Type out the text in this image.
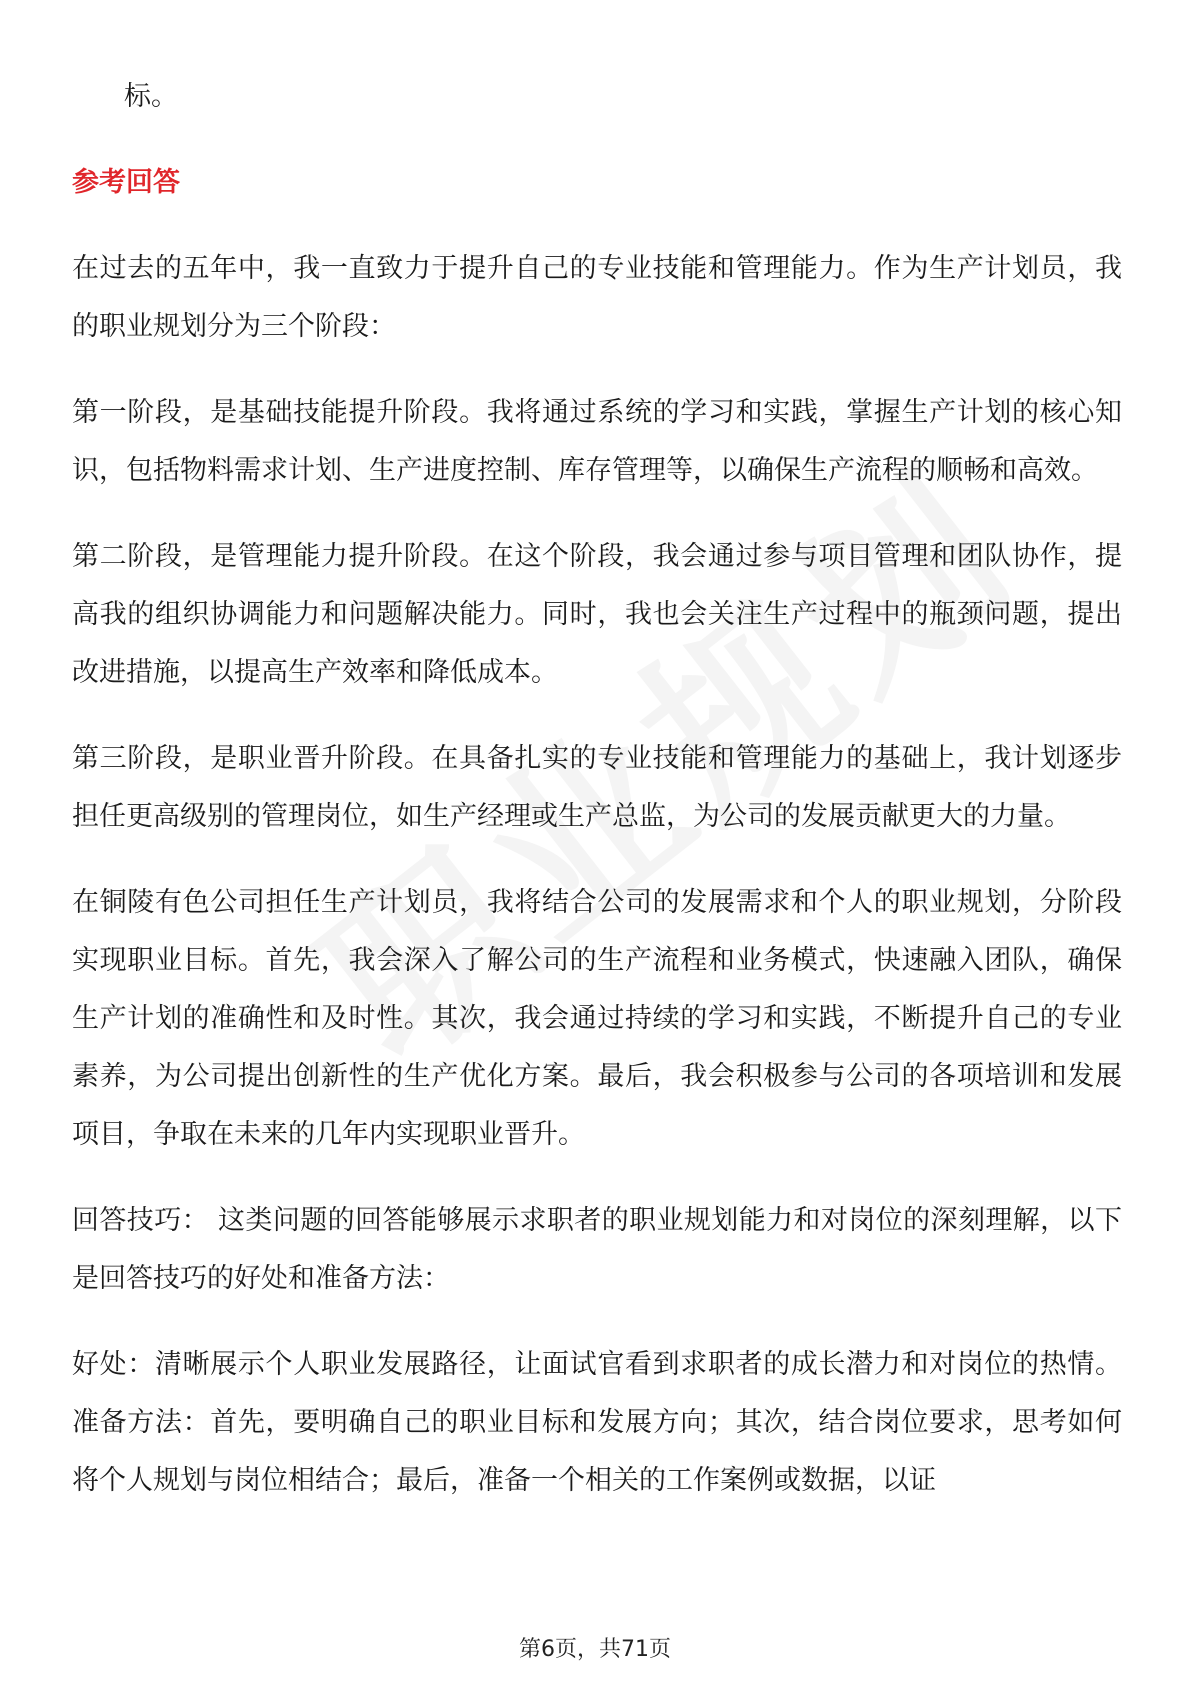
标。

参考回答

在过去的五年中，我一直致力于提升自己的专业技能和管理能力。作为生产计划员，我的职业规划分为三个阶段：

第一阶段，是基础技能提升阶段。我将通过系统的学习和实践，掌握生产计划的核心知识，包括物料需求计划、生产进度控制、库存管理等，以确保生产流程的顺畅和高效。

第二阶段，是管理能力提升阶段。在这个阶段，我会通过参与项目管理和团队协作，提高我的组织协调能力和问题解决能力。同时，我也会关注生产过程中的瓶颈问题，提出改进措施，以提高生产效率和降低成本。

第三阶段，是职业晋升阶段。在具备扎实的专业技能和管理能力的基础上，我计划逐步担任更高级别的管理岗位，如生产经理或生产总监，为公司的发展贡献更大的力量。

在铜陵有色公司担任生产计划员，我将结合公司的发展需求和个人的职业规划，分阶段实现职业目标。首先，我会深入了解公司的生产流程和业务模式，快速融入团队，确保生产计划的准确性和及时性。其次，我会通过持续的学习和实践，不断提升自己的专业素养，为公司提出创新性的生产优化方案。最后，我会积极参与公司的各项培训和发展项目，争取在未来的几年内实现职业晋升。

回答技巧： 这类问题的回答能够展示求职者的职业规划能力和对岗位的深刻理解，以下是回答技巧的好处和准备方法：

好处：清晰展示个人职业发展路径，让面试官看到求职者的成长潜力和对岗位的热情。 准备方法：首先，要明确自己的职业目标和发展方向；其次，结合岗位要求，思考如何将个人规划与岗位相结合；最后，准备一个相关的工作案例或数据，以证

第6页，共71页
